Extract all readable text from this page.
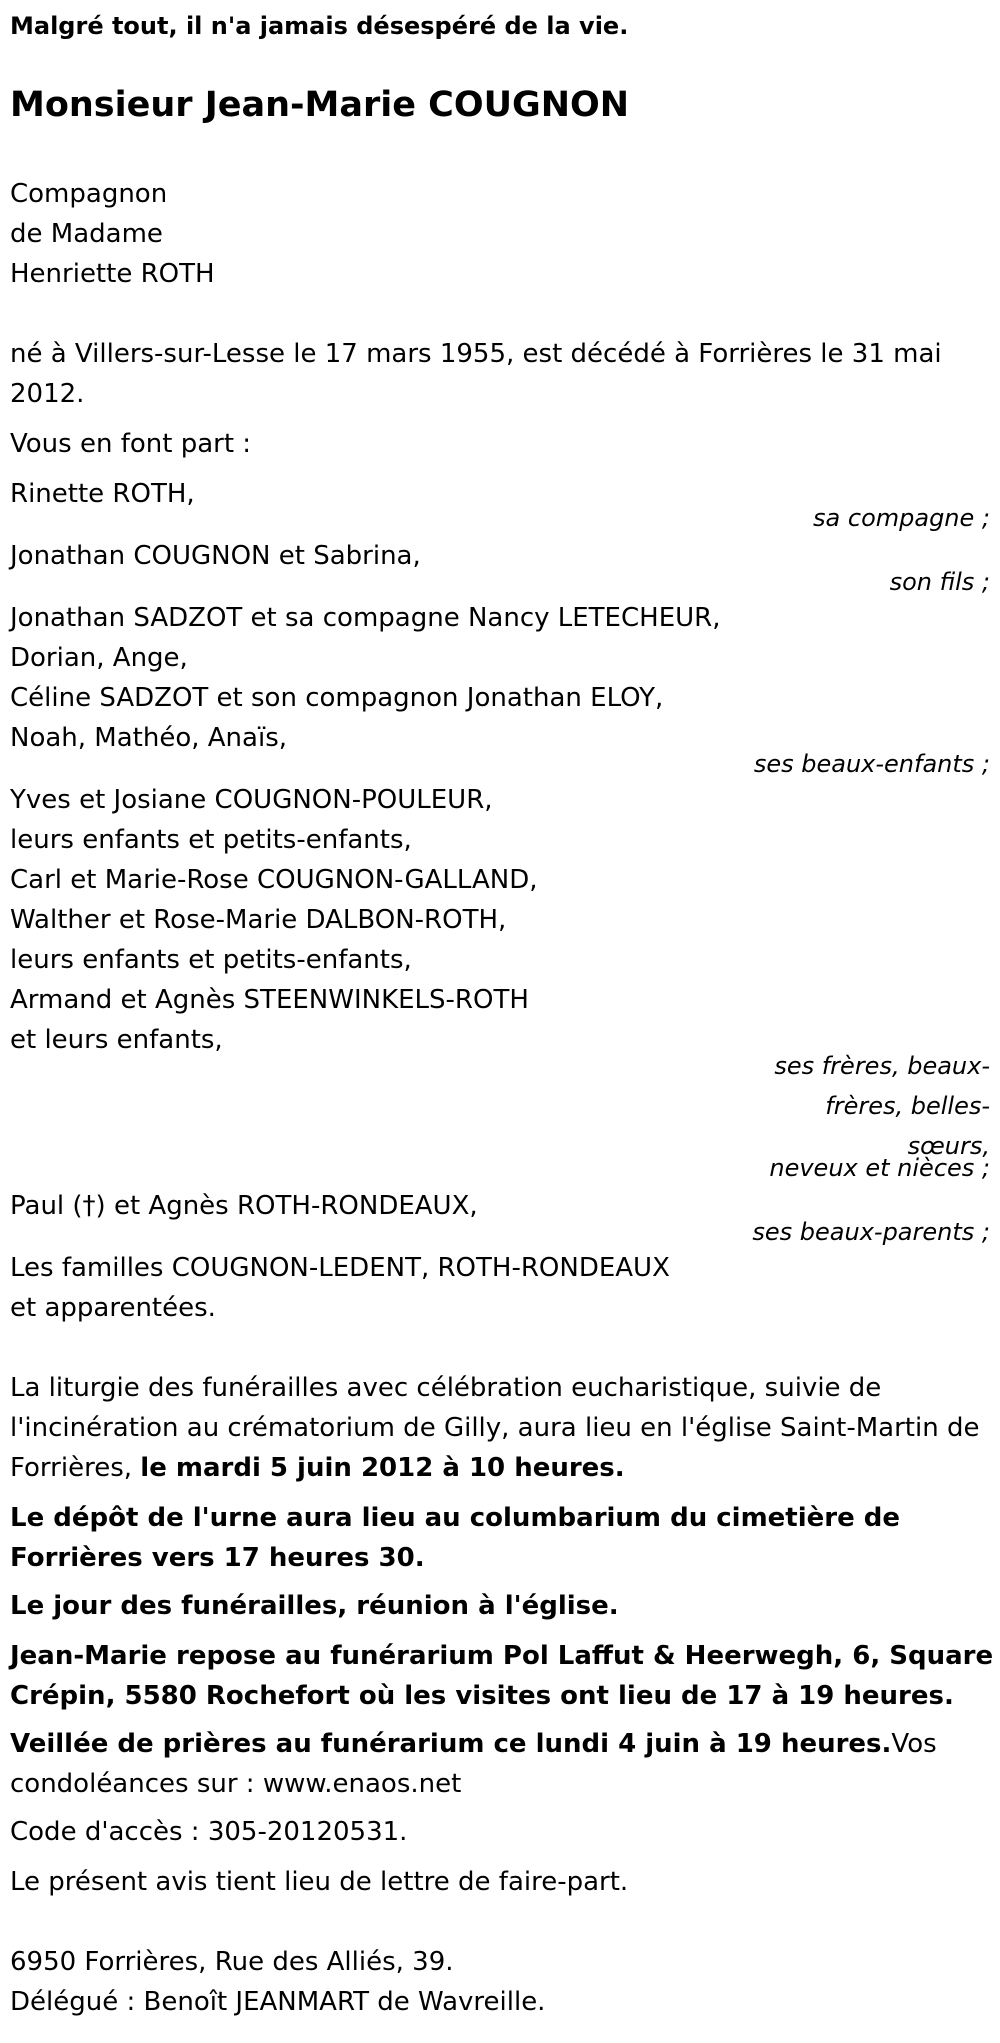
Malgré tout, il n'a jamais désespéré de la vie.

Monsieur Jean-Marie COUGNON

Compagnon

de Madame

Henriette ROTH

né à Villers-sur-Lesse le 17 mars 1955, est décédé à Forrières le 31 mai 2012.

Vous en font part :

Rinette ROTH,

sa compagne ;

Jonathan COUGNON et Sabrina,

son fils ;

Jonathan SADZOT et sa compagne Nancy LETECHEUR,

Dorian, Ange,

Céline SADZOT et son compagnon Jonathan ELOY,

Noah, Mathéo, Anaïs,

ses beaux-enfants ;

Yves et Josiane COUGNON-POULEUR,

leurs enfants et petits-enfants,

Carl et Marie-Rose COUGNON-GALLAND,

Walther et Rose-Marie DALBON-ROTH,

leurs enfants et petits-enfants,

Armand et Agnès STEENWINKELS-ROTH

et leurs enfants,

ses frères, beaux-frères, belles-sœurs,

neveux et nièces ;

Paul (†) et Agnès ROTH-RONDEAUX,

ses beaux-parents ;

Les familles COUGNON-LEDENT, ROTH-RONDEAUX

et apparentées.

La liturgie des funérailles avec célébration eucharistique, suivie de l'incinération au crématorium de Gilly, aura lieu en l'église Saint-Martin de Forrières, le mardi 5 juin 2012 à 10 heures.

Le dépôt de l'urne aura lieu au columbarium du cimetière de Forrières vers 17 heures 30.

Le jour des funérailles, réunion à l'église.

Jean-Marie repose au funérarium Pol Laffut & Heerwegh, 6, Square Crépin, 5580 Rochefort où les visites ont lieu de 17 à 19 heures.

Veillée de prières au funérarium ce lundi 4 juin à 19 heures.Vos condoléances sur : www.enaos.net

Code d'accès : 305-20120531.

Le présent avis tient lieu de lettre de faire-part.

6950 Forrières, Rue des Alliés, 39.

Délégué : Benoît JEANMART de Wavreille.
